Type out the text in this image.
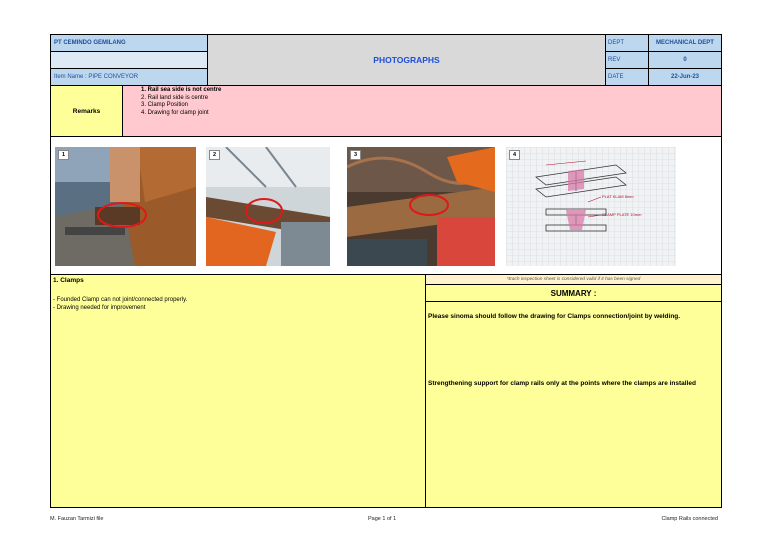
PT CEMINDO GEMILANG
Item Name : PIPE CONVEYOR
PHOTOGRAPHS
DEPT	MECHANICAL DEPT
REV	0
DATE	22-Jun-23
Remarks
1. Rail sea side is not centre
2. Rail land side is centre
3. Clamp Position
4. Drawing for clamp joint
1	2	3	4
PLAT KLAM 8mm
CLAMP PLATE 10mm
1. Clamps
- Founded Clamp can not joint/connected properly.
- Drawing needed for improvement
*Each inspection sheet is considered valid if it has been signed
SUMMARY :
Please sinoma should follow the drawing for Clamps connection/joint by welding.
Strengthening support for clamp rails only at the points where the clamps are installed
M. Fauzan Tarmizi file	Page 1 of 1	Clamp Rails connected
